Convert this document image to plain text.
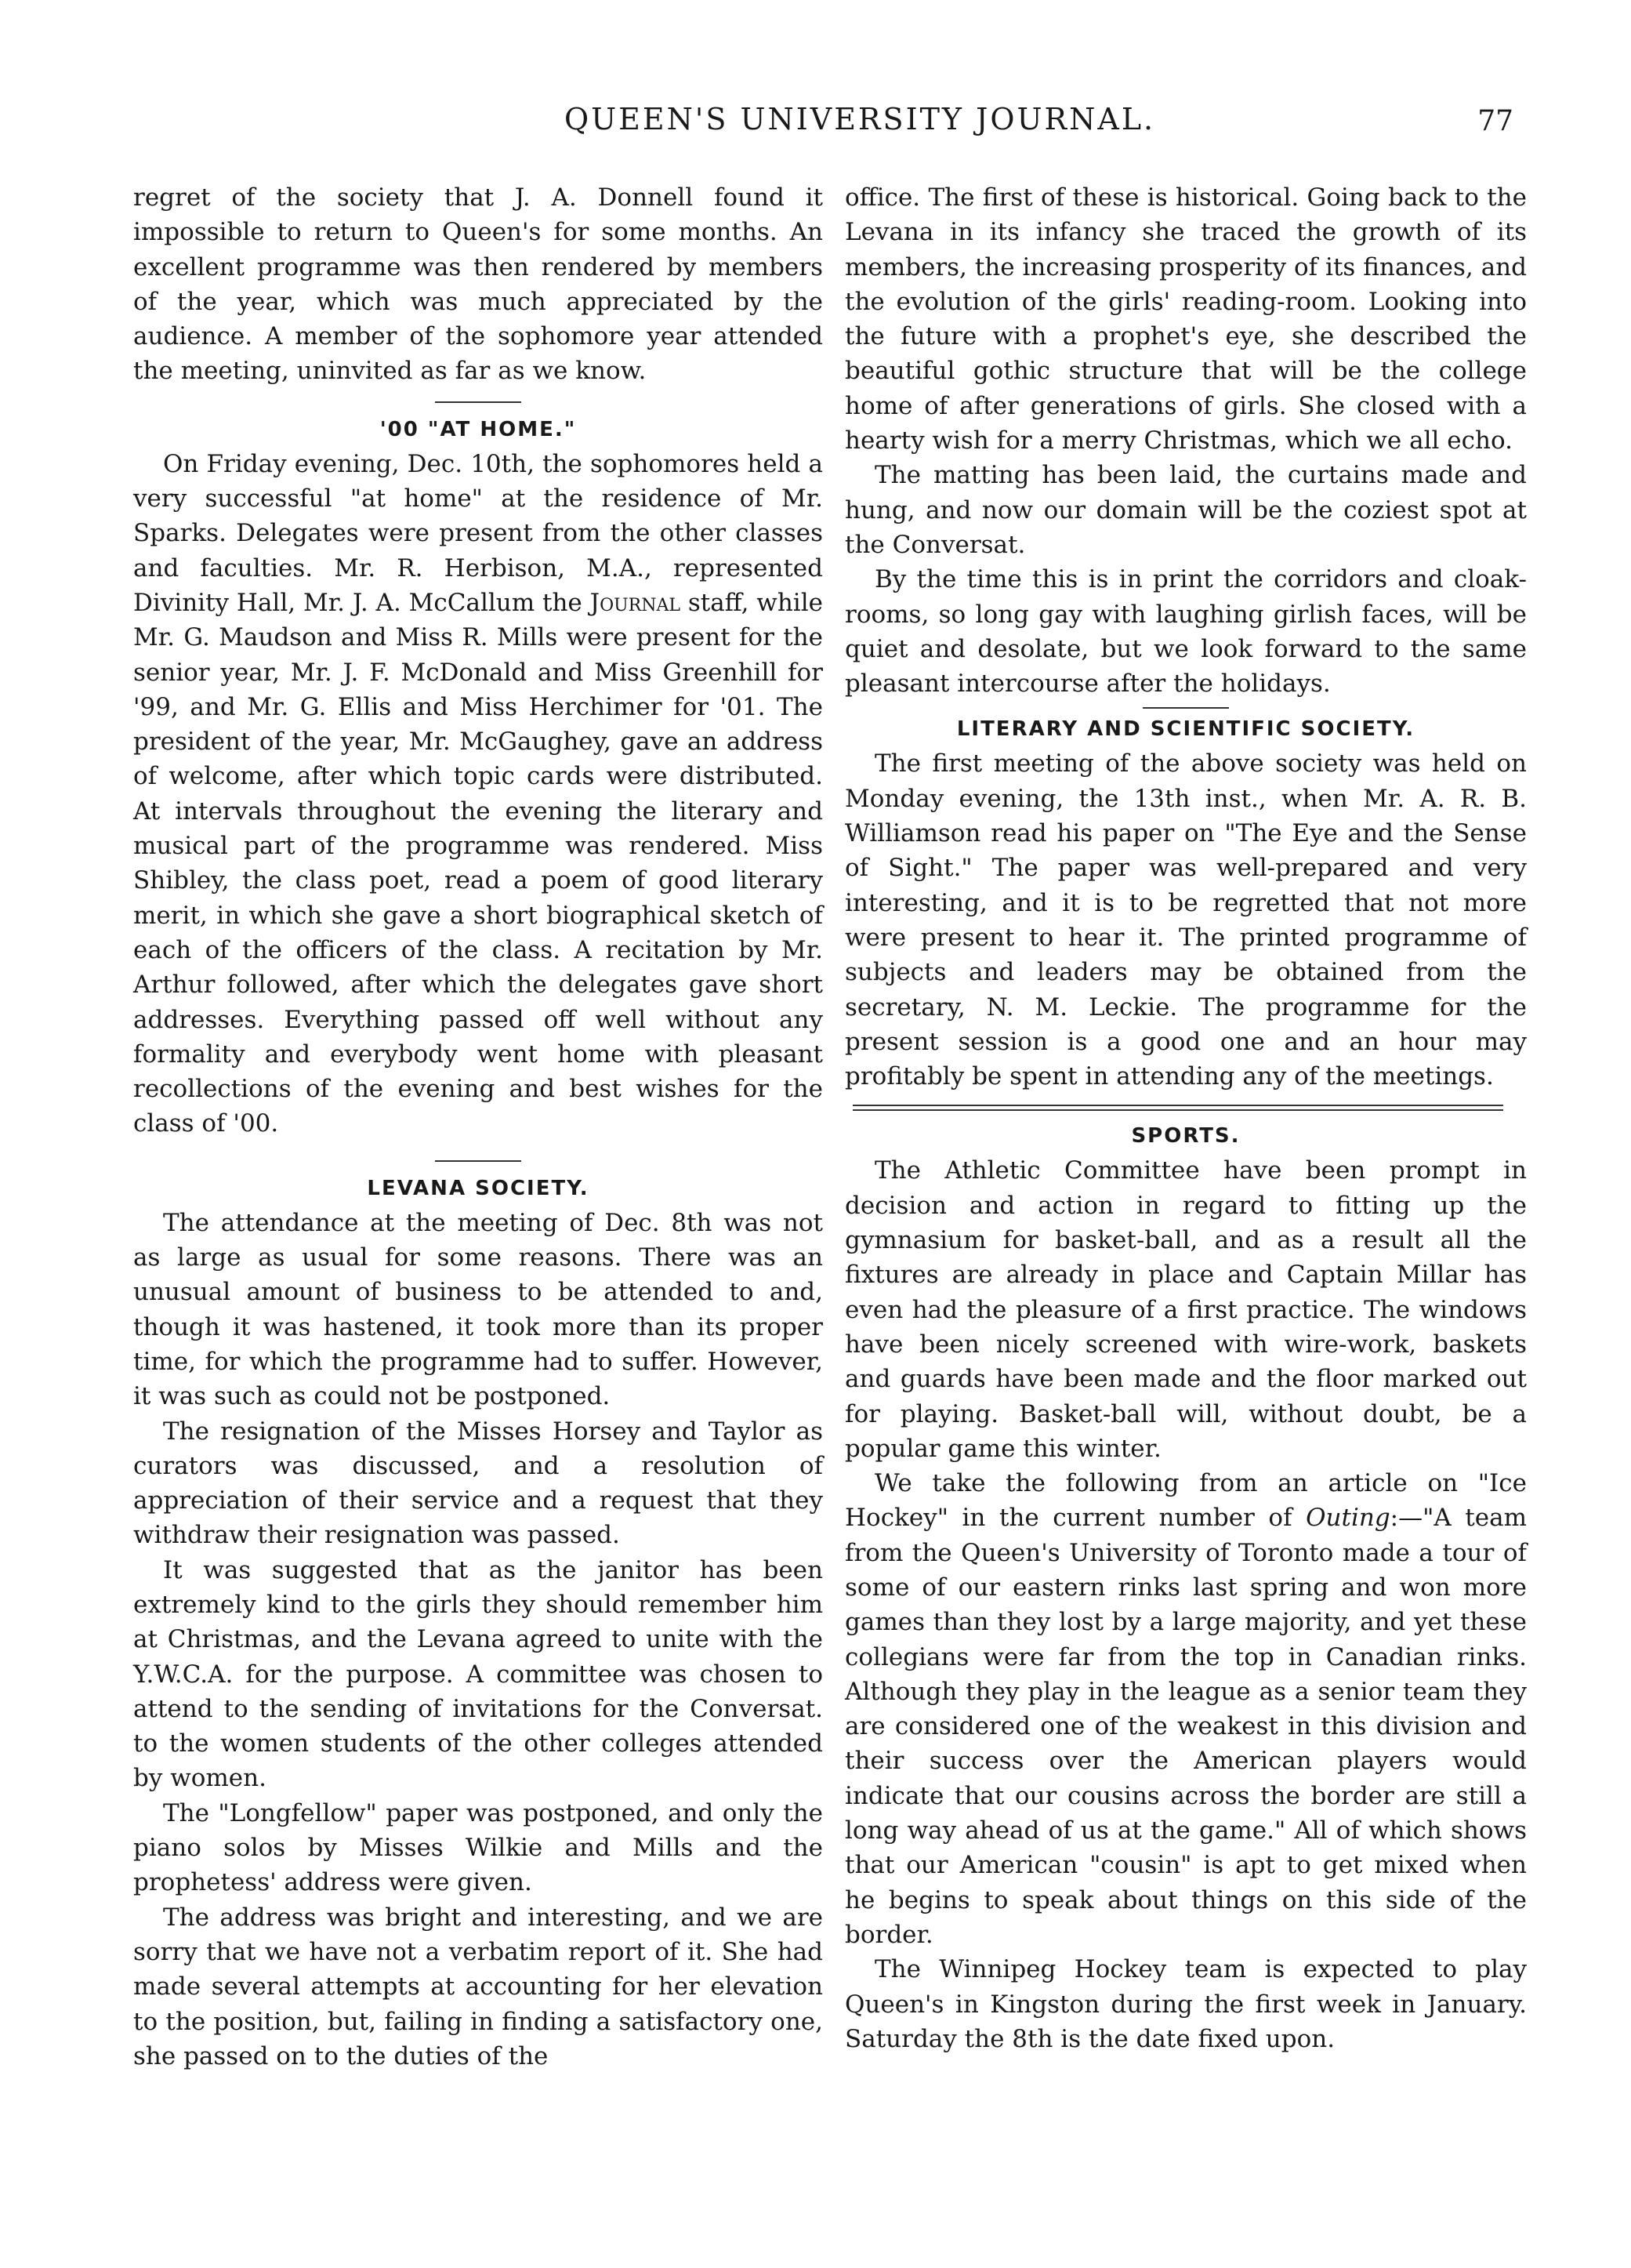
QUEEN'S UNIVERSITY JOURNAL.	77

regret of the society that J. A. Donnell found it impossible to return to Queen's for some months. An excellent programme was then rendered by members of the year, which was much appreciated by the audience. A member of the sophomore year attended the meeting, uninvited as far as we know.

'00 "AT HOME."

On Friday evening, Dec. 10th, the sophomores held a very successful "at home" at the residence of Mr. Sparks. Delegates were present from the other classes and faculties. Mr. R. Herbison, M.A., represented Divinity Hall, Mr. J. A. McCallum the Journal staff, while Mr. G. Maudson and Miss R. Mills were present for the senior year, Mr. J. F. McDonald and Miss Greenhill for '99, and Mr. G. Ellis and Miss Herchimer for '01. The president of the year, Mr. McGaughey, gave an address of welcome, after which topic cards were distributed. At intervals throughout the evening the literary and musical part of the programme was rendered. Miss Shibley, the class poet, read a poem of good literary merit, in which she gave a short biographical sketch of each of the officers of the class. A recitation by Mr. Arthur followed, after which the delegates gave short addresses. Everything passed off well without any formality and everybody went home with pleasant recollections of the evening and best wishes for the class of '00.

LEVANA SOCIETY.

The attendance at the meeting of Dec. 8th was not as large as usual for some reasons. There was an unusual amount of business to be attended to and, though it was hastened, it took more than its proper time, for which the programme had to suffer. However, it was such as could not be postponed.

The resignation of the Misses Horsey and Taylor as curators was discussed, and a resolution of appreciation of their service and a request that they withdraw their resignation was passed.

It was suggested that as the janitor has been extremely kind to the girls they should remember him at Christmas, and the Levana agreed to unite with the Y.W.C.A. for the purpose. A committee was chosen to attend to the sending of invitations for the Conversat. to the women students of the other colleges attended by women.

The "Longfellow" paper was postponed, and only the piano solos by Misses Wilkie and Mills and the prophetess' address were given.

The address was bright and interesting, and we are sorry that we have not a verbatim report of it. She had made several attempts at accounting for her elevation to the position, but, failing in finding a satisfactory one, she passed on to the duties of the

office. The first of these is historical. Going back to the Levana in its infancy she traced the growth of its members, the increasing prosperity of its finances, and the evolution of the girls' reading-room. Looking into the future with a prophet's eye, she described the beautiful gothic structure that will be the college home of after generations of girls. She closed with a hearty wish for a merry Christmas, which we all echo.

The matting has been laid, the curtains made and hung, and now our domain will be the coziest spot at the Conversat.

By the time this is in print the corridors and cloak-rooms, so long gay with laughing girlish faces, will be quiet and desolate, but we look forward to the same pleasant intercourse after the holidays.

LITERARY AND SCIENTIFIC SOCIETY.

The first meeting of the above society was held on Monday evening, the 13th inst., when Mr. A. R. B. Williamson read his paper on "The Eye and the Sense of Sight." The paper was well-prepared and very interesting, and it is to be regretted that not more were present to hear it. The printed programme of subjects and leaders may be obtained from the secretary, N. M. Leckie. The programme for the present session is a good one and an hour may profitably be spent in attending any of the meetings.

SPORTS.

The Athletic Committee have been prompt in decision and action in regard to fitting up the gymnasium for basket-ball, and as a result all the fixtures are already in place and Captain Millar has even had the pleasure of a first practice. The windows have been nicely screened with wire-work, baskets and guards have been made and the floor marked out for playing. Basket-ball will, without doubt, be a popular game this winter.

We take the following from an article on "Ice Hockey" in the current number of Outing:—"A team from the Queen's University of Toronto made a tour of some of our eastern rinks last spring and won more games than they lost by a large majority, and yet these collegians were far from the top in Canadian rinks. Although they play in the league as a senior team they are considered one of the weakest in this division and their success over the American players would indicate that our cousins across the border are still a long way ahead of us at the game." All of which shows that our American "cousin" is apt to get mixed when he begins to speak about things on this side of the border.

The Winnipeg Hockey team is expected to play Queen's in Kingston during the first week in January. Saturday the 8th is the date fixed upon.
